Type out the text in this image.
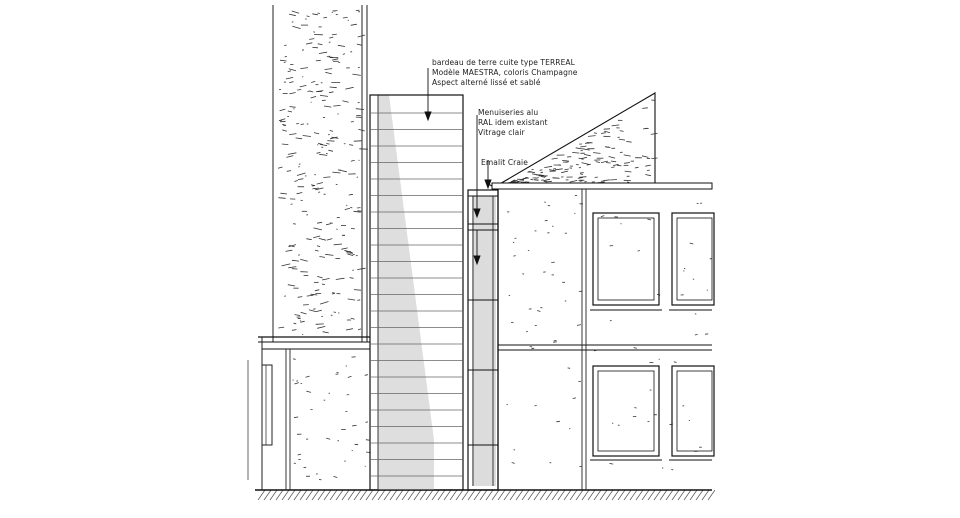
bardeau de terre cuite type TERREAL
Modèle MAESTRA, coloris Champagne
Aspect alterné lissé et sablé
Menuiseries alu
RAL idem existant
Vitrage clair
Emalit Craie
